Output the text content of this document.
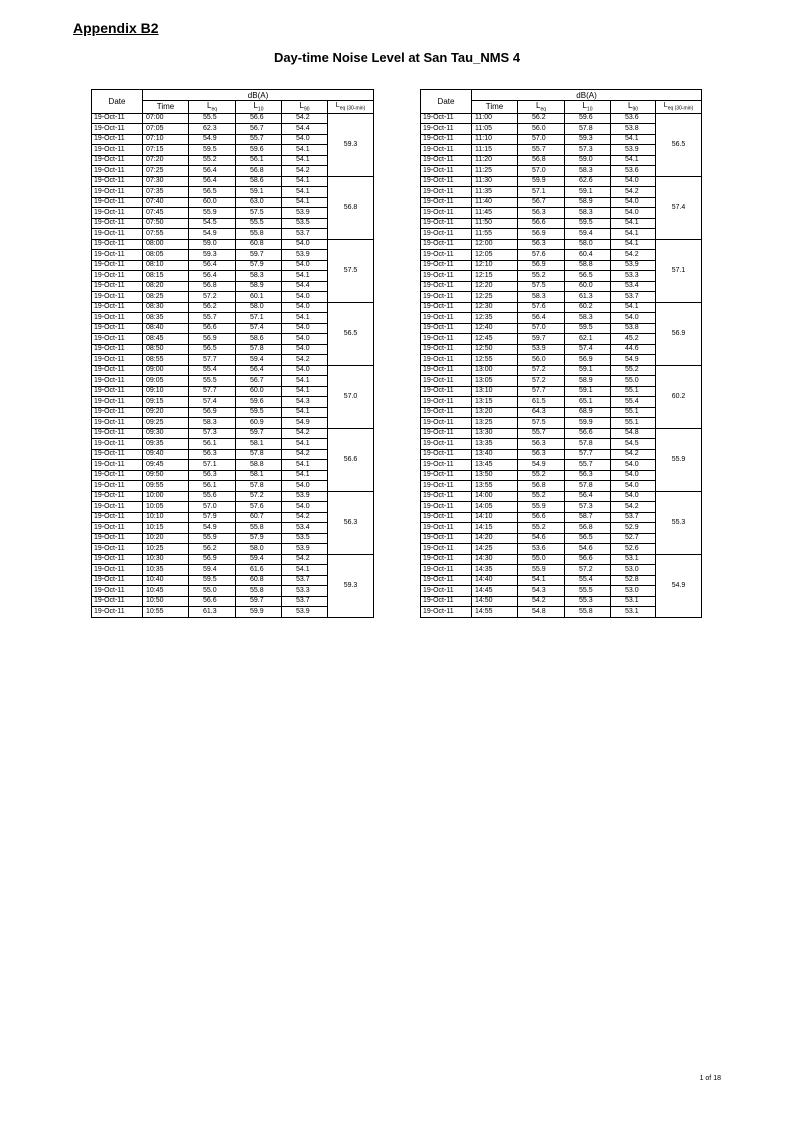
Appendix B2
Day-time Noise Level at San Tau_NMS 4
Date	dB(A)				
	Time	$L_{eq}$	$L_{10}$	$L_{90}$	$L_{eq (30-min)}$
19-Oct-11	07:00	55.5	56.6	54.2	59.3
19-Oct-11	07:05	62.3	56.7	54.4	
19-Oct-11	07:10	54.9	55.7	54.0	
19-Oct-11	07:15	59.5	59.6	54.1	
19-Oct-11	07:20	55.2	56.1	54.1	
19-Oct-11	07:25	56.4	56.8	54.2	
19-Oct-11	07:30	56.4	58.6	54.1	56.8
19-Oct-11	07:35	56.5	59.1	54.1	
19-Oct-11	07:40	60.0	63.0	54.1	
19-Oct-11	07:45	55.9	57.5	53.9	
19-Oct-11	07:50	54.5	55.5	53.5	
19-Oct-11	07:55	54.9	55.8	53.7	
19-Oct-11	08:00	59.0	60.8	54.0	57.5
19-Oct-11	08:05	59.3	59.7	53.9	
19-Oct-11	08:10	56.4	57.9	54.0	
19-Oct-11	08:15	56.4	58.3	54.1	
19-Oct-11	08:20	56.8	58.9	54.4	
19-Oct-11	08:25	57.2	60.1	54.0	
19-Oct-11	08:30	56.2	58.0	54.0	56.5
19-Oct-11	08:35	55.7	57.1	54.1	
19-Oct-11	08:40	56.6	57.4	54.0	
19-Oct-11	08:45	56.9	58.6	54.0	
19-Oct-11	08:50	56.5	57.8	54.0	
19-Oct-11	08:55	57.7	59.4	54.2	
19-Oct-11	09:00	55.4	56.4	54.0	57.0
19-Oct-11	09:05	55.5	56.7	54.1	
19-Oct-11	09:10	57.7	60.0	54.1	
19-Oct-11	09:15	57.4	59.6	54.3	
19-Oct-11	09:20	56.9	59.5	54.1	
19-Oct-11	09:25	58.3	60.9	54.9	
19-Oct-11	09:30	57.3	59.7	54.2	56.6
19-Oct-11	09:35	56.1	58.1	54.1	
19-Oct-11	09:40	56.3	57.8	54.2	
19-Oct-11	09:45	57.1	58.8	54.1	
19-Oct-11	09:50	56.3	58.1	54.1	
19-Oct-11	09:55	56.1	57.8	54.0	
19-Oct-11	10:00	55.6	57.2	53.9	56.3
19-Oct-11	10:05	57.0	57.6	54.0	
19-Oct-11	10:10	57.9	60.7	54.2	
19-Oct-11	10:15	54.9	55.8	53.4	
19-Oct-11	10:20	55.9	57.9	53.5	
19-Oct-11	10:25	56.2	58.0	53.9	
19-Oct-11	10:30	56.9	59.4	54.2	59.3
19-Oct-11	10:35	59.4	61.6	54.1	
19-Oct-11	10:40	59.5	60.8	53.7	
19-Oct-11	10:45	55.0	55.8	53.3	
19-Oct-11	10:50	56.6	59.7	53.7	
19-Oct-11	10:55	61.3	59.9	53.9	
Date	dB(A)				
	Time	$L_{eq}$	$L_{10}$	$L_{90}$	$L_{eq (30-min)}$
19-Oct-11	11:00	56.2	59.6	53.6	56.5
19-Oct-11	11:05	56.0	57.8	53.8	
19-Oct-11	11:10	57.0	59.3	54.1	
19-Oct-11	11:15	55.7	57.3	53.9	
19-Oct-11	11:20	56.8	59.0	54.1	
19-Oct-11	11:25	57.0	58.3	53.6	
19-Oct-11	11:30	59.9	62.6	54.0	57.4
19-Oct-11	11:35	57.1	59.1	54.2	
19-Oct-11	11:40	56.7	58.9	54.0	
19-Oct-11	11:45	56.3	58.3	54.0	
19-Oct-11	11:50	56.6	59.5	54.1	
19-Oct-11	11:55	56.9	59.4	54.1	
19-Oct-11	12:00	56.3	58.0	54.1	57.1
19-Oct-11	12:05	57.6	60.4	54.2	
19-Oct-11	12:10	56.9	58.8	53.9	
19-Oct-11	12:15	55.2	56.5	53.3	
19-Oct-11	12:20	57.5	60.0	53.4	
19-Oct-11	12:25	58.3	61.3	53.7	
19-Oct-11	12:30	57.6	60.2	54.1	56.9
19-Oct-11	12:35	56.4	58.3	54.0	
19-Oct-11	12:40	57.0	59.5	53.8	
19-Oct-11	12:45	59.7	62.1	45.2	
19-Oct-11	12:50	53.9	57.4	44.6	
19-Oct-11	12:55	56.0	56.9	54.9	
19-Oct-11	13:00	57.2	59.1	55.2	60.2
19-Oct-11	13:05	57.2	58.9	55.0	
19-Oct-11	13:10	57.7	59.1	55.1	
19-Oct-11	13:15	61.5	65.1	55.4	
19-Oct-11	13:20	64.3	68.9	55.1	
19-Oct-11	13:25	57.5	59.9	55.1	
19-Oct-11	13:30	55.7	56.6	54.8	55.9
19-Oct-11	13:35	56.3	57.8	54.5	
19-Oct-11	13:40	56.3	57.7	54.2	
19-Oct-11	13:45	54.9	55.7	54.0	
19-Oct-11	13:50	55.2	56.3	54.0	
19-Oct-11	13:55	56.8	57.8	54.0	
19-Oct-11	14:00	55.2	56.4	54.0	55.3
19-Oct-11	14:05	55.9	57.3	54.2	
19-Oct-11	14:10	56.6	58.7	53.7	
19-Oct-11	14:15	55.2	56.8	52.9	
19-Oct-11	14:20	54.6	56.5	52.7	
19-Oct-11	14:25	53.6	54.6	52.6	
19-Oct-11	14:30	55.0	56.6	53.1	54.9
19-Oct-11	14:35	55.9	57.2	53.0	
19-Oct-11	14:40	54.1	55.4	52.8	
19-Oct-11	14:45	54.3	55.5	53.0	
19-Oct-11	14:50	54.2	55.3	53.1	
19-Oct-11	14:55	54.8	55.8	53.1	
1 of 18
